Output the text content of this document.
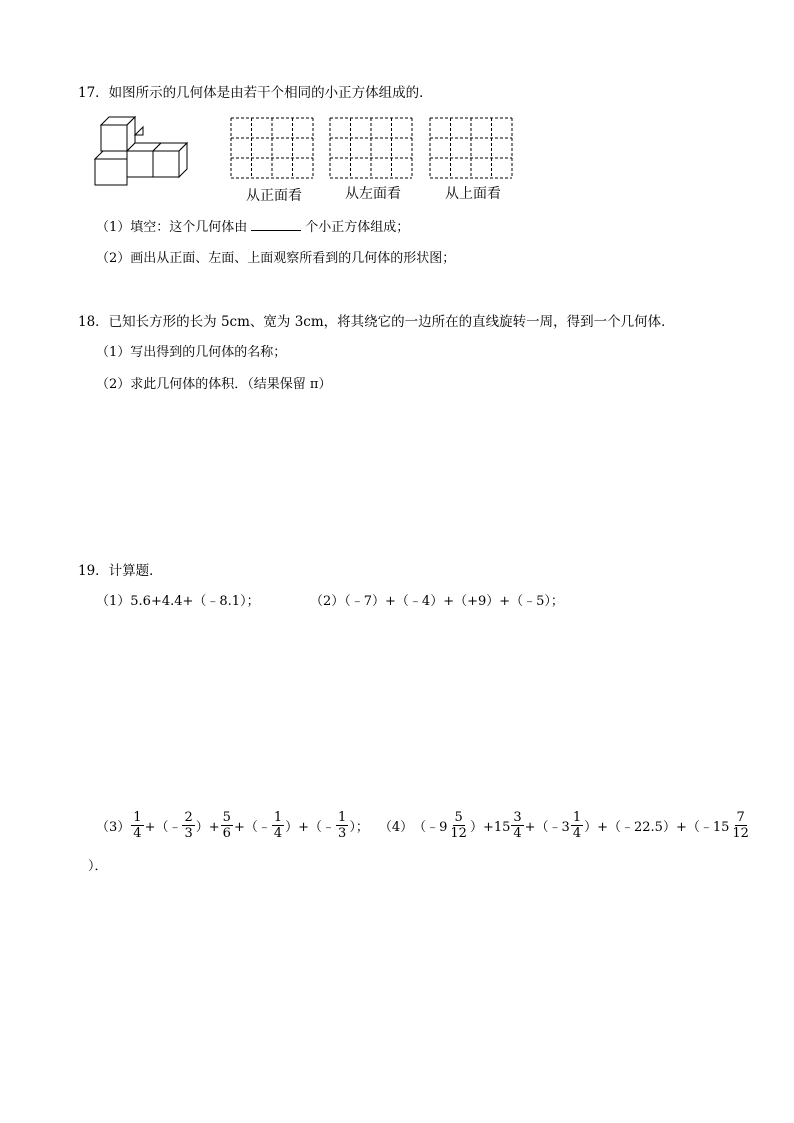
17．如图所示的几何体是由若干个相同的小正方体组成的．
从正面看	从左面看	从上面看
（1）填空：这个几何体由	个小正方体组成；
（2）画出从正面、左面、上面观察所看到的几何体的形状图；
18．已知长方形的长为 5cm、宽为 3cm，将其绕它的一边所在的直线旋转一周，得到一个几何体．
（1）写出得到的几何体的名称；
（2）求此几何体的体积．（结果保留 π）
19．计算题．
（1）5.6+4.4+（﹣8.1）；	（2）（﹣7）+（﹣4）+（+9）+（﹣5）；
$(3) \frac{1}{4}$ +（﹣ $\frac{2}{3}$ ）+ $\frac{5}{6}$ +（﹣ $\frac{1}{4}$ ）+（﹣ $\frac{1}{3}$ ）； （4） （﹣9 $\frac{5}{12} )+15 \frac{3}{4}$ +（﹣3 $\frac{1}{4}$ ）+（﹣22.5）+（﹣15 $\frac{7}{12}$
）．
